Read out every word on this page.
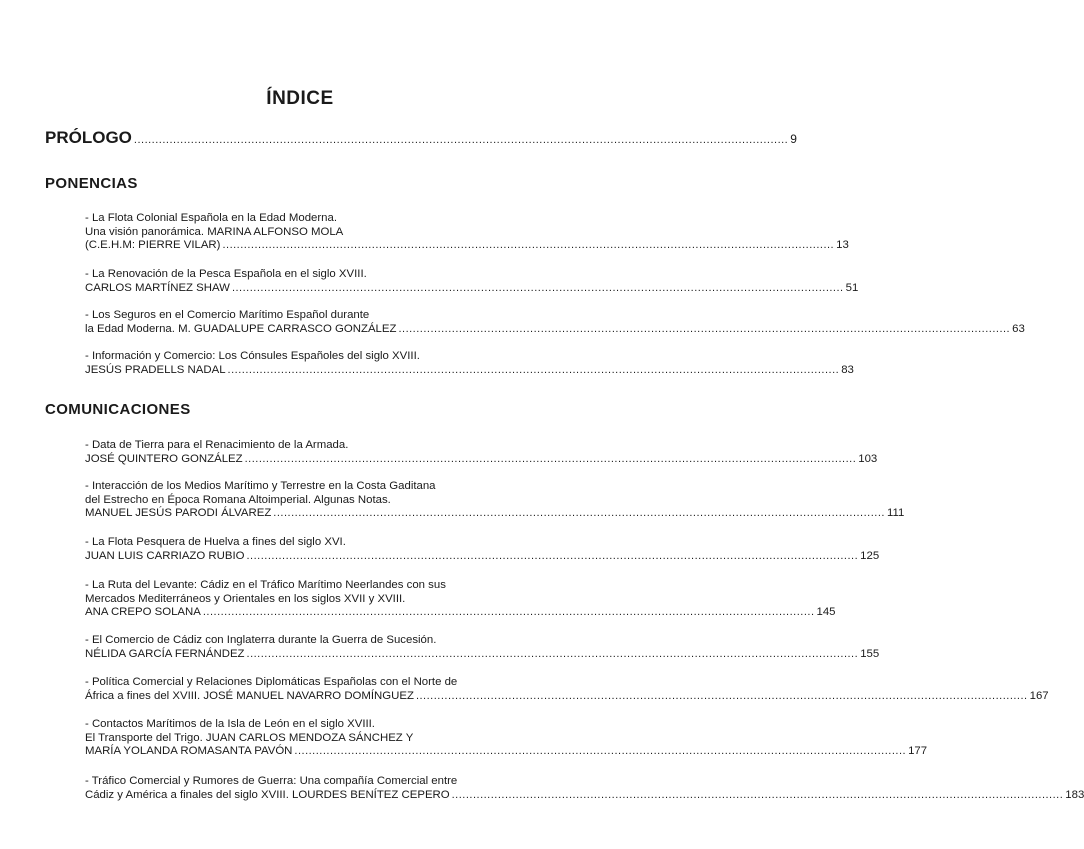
ÍNDICE
PRÓLOGO ........................................................................................................................................................................................ 9
PONENCIAS
- La Flota Colonial Española en la Edad Moderna.
Una visión panorámica. MARINA ALFONSO MOLA
(C.E.H.M: PIERRE VILAR) ............................................................................................................................................................................ 13
- La Renovación de la Pesca Española en el siglo XVIII.
CARLOS MARTÍNEZ SHAW ............................................................................................................................................................................ 51
- Los Seguros en el Comercio Marítimo Español durante
la Edad Moderna. M. GUADALUPE CARRASCO GONZÁLEZ ............................................................................................................................................................................ 63
- Información y Comercio: Los Cónsules Españoles del siglo XVIII.
JESÚS PRADELLS NADAL ............................................................................................................................................................................ 83
COMUNICACIONES
- Data de Tierra para el Renacimiento de la Armada.
JOSÉ QUINTERO GONZÁLEZ ............................................................................................................................................................................ 103
- Interacción de los Medios Marítimo y Terrestre en la Costa Gaditana
del Estrecho en Época Romana Altoimperial. Algunas Notas.
MANUEL JESÚS PARODI ÁLVAREZ ............................................................................................................................................................................ 111
- La Flota Pesquera de Huelva a fines del siglo XVI.
JUAN LUIS CARRIAZO RUBIO ............................................................................................................................................................................ 125
- La Ruta del Levante: Cádiz en el Tráfico Marítimo Neerlandes con sus
Mercados Mediterráneos y Orientales en los siglos XVII y XVIII.
ANA CREPO SOLANA ............................................................................................................................................................................ 145
- El Comercio de Cádiz con Inglaterra durante la Guerra de Sucesión.
NÉLIDA GARCÍA FERNÁNDEZ ............................................................................................................................................................................ 155
- Política Comercial y Relaciones Diplomáticas Españolas con el Norte de
África a fines del XVIII. JOSÉ MANUEL NAVARRO DOMÍNGUEZ ............................................................................................................................................................................ 167
- Contactos Marítimos de la Isla de León en el siglo XVIII.
El Transporte del Trigo. JUAN CARLOS MENDOZA SÁNCHEZ Y
MARÍA YOLANDA ROMASANTA PAVÓN ............................................................................................................................................................................ 177
- Tráfico Comercial y Rumores de Guerra: Una compañía Comercial entre
Cádiz y América a finales del siglo XVIII. LOURDES BENÍTEZ CEPERO ............................................................................................................................................................................ 183
